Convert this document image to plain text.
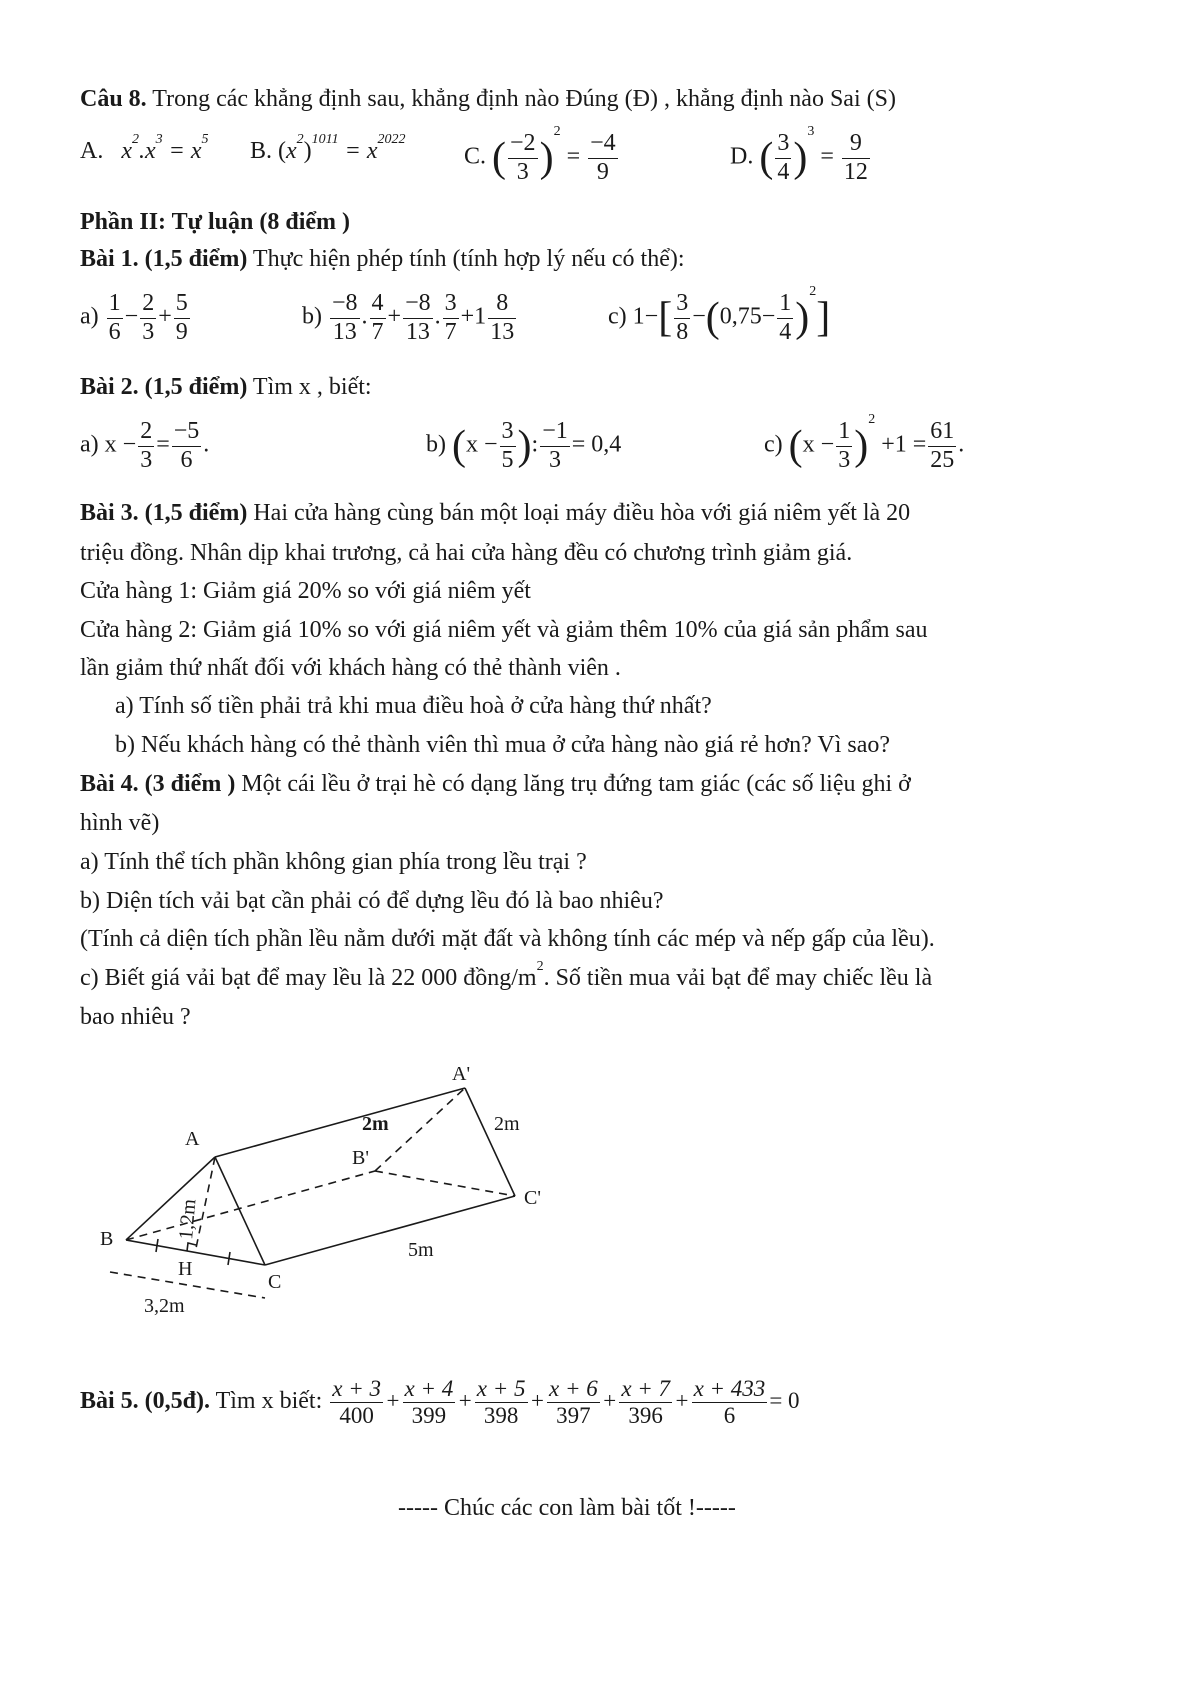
Câu 8. Trong các khẳng định sau, khẳng định nào Đúng (Đ) , khẳng định nào Sai (S)
A. $x^2.x^3 = x^5$ B. $(x^2)^{1011} = x^{2022}$
C. ( $\frac{-2}{3} )^2 = \frac{-4}{9}$	D. ( $\frac{3}{4} )^3 = \frac{9}{12}$
Phần II: Tự luận (8 điểm )
Bài 1. (1,5 điểm) Thực hiện phép tính (tính hợp lý nếu có thể):
$a) \frac{1}{6} - \frac{2}{3} + \frac{5}{9}$	$b) \frac{-8}{13}$ . $\frac{4}{7} + \frac{-8}{13}$ . $\frac{3}{7} +1 \frac{8}{13}$	c) $1-[ \frac{3}{8} -(0,75- \frac{1}{4} )^2]$
Bài 2. (1,5 điểm) Tìm x , biết:
a) $x - \frac{2}{3} = \frac{-5}{6}$ .	b) ($x - \frac{3}{5}$ ): $\frac{-1}{3} = 0,4$	c) $(x - \frac{1}{3} )^2 +1 = \frac{61}{25}$ .
Bài 3. (1,5 điểm) Hai cửa hàng cùng bán một loại máy điều hòa với giá niêm yết là 20
triệu đồng. Nhân dịp khai trương, cả hai cửa hàng đều có chương trình giảm giá.
Cửa hàng 1: Giảm giá 20% so với giá niêm yết
Cửa hàng 2: Giảm giá 10% so với giá niêm yết và giảm thêm 10% của giá sản phẩm sau
lần giảm thứ nhất đối với khách hàng có thẻ thành viên .
a) Tính số tiền phải trả khi mua điều hoà ở cửa hàng thứ nhất?
b) Nếu khách hàng có thẻ thành viên thì mua ở cửa hàng nào giá rẻ hơn? Vì sao?
Bài 4. (3 điểm ) Một cái lều ở trại hè có dạng lăng trụ đứng tam giác (các số liệu ghi ở
hình vẽ)
a) Tính thể tích phần không gian phía trong lều trại ?
b) Diện tích vải bạt cần phải có để dựng lều đó là bao nhiêu?
(Tính cả diện tích phần lều nằm dưới mặt đất và không tính các mép và nếp gấp của lều).
c) Biết giá vải bạt để may lều là 22 000 đồng/$m^2$. Số tiền mua vải bạt để may chiếc lều là
bao nhiêu ?
A
B
C
H
A'
B'
C'
2m	2m
5m
1,2m
3,2m
Bài 5. (0,5đ). Tìm x biết: $\frac{x + 3}{400} + \frac{x + 4}{399} + \frac{x + 5}{398} + \frac{x + 6}{397} + \frac{x + 7}{396} + \frac{x + 433}{6} = 0$
----- Chúc các con làm bài tốt !-----
